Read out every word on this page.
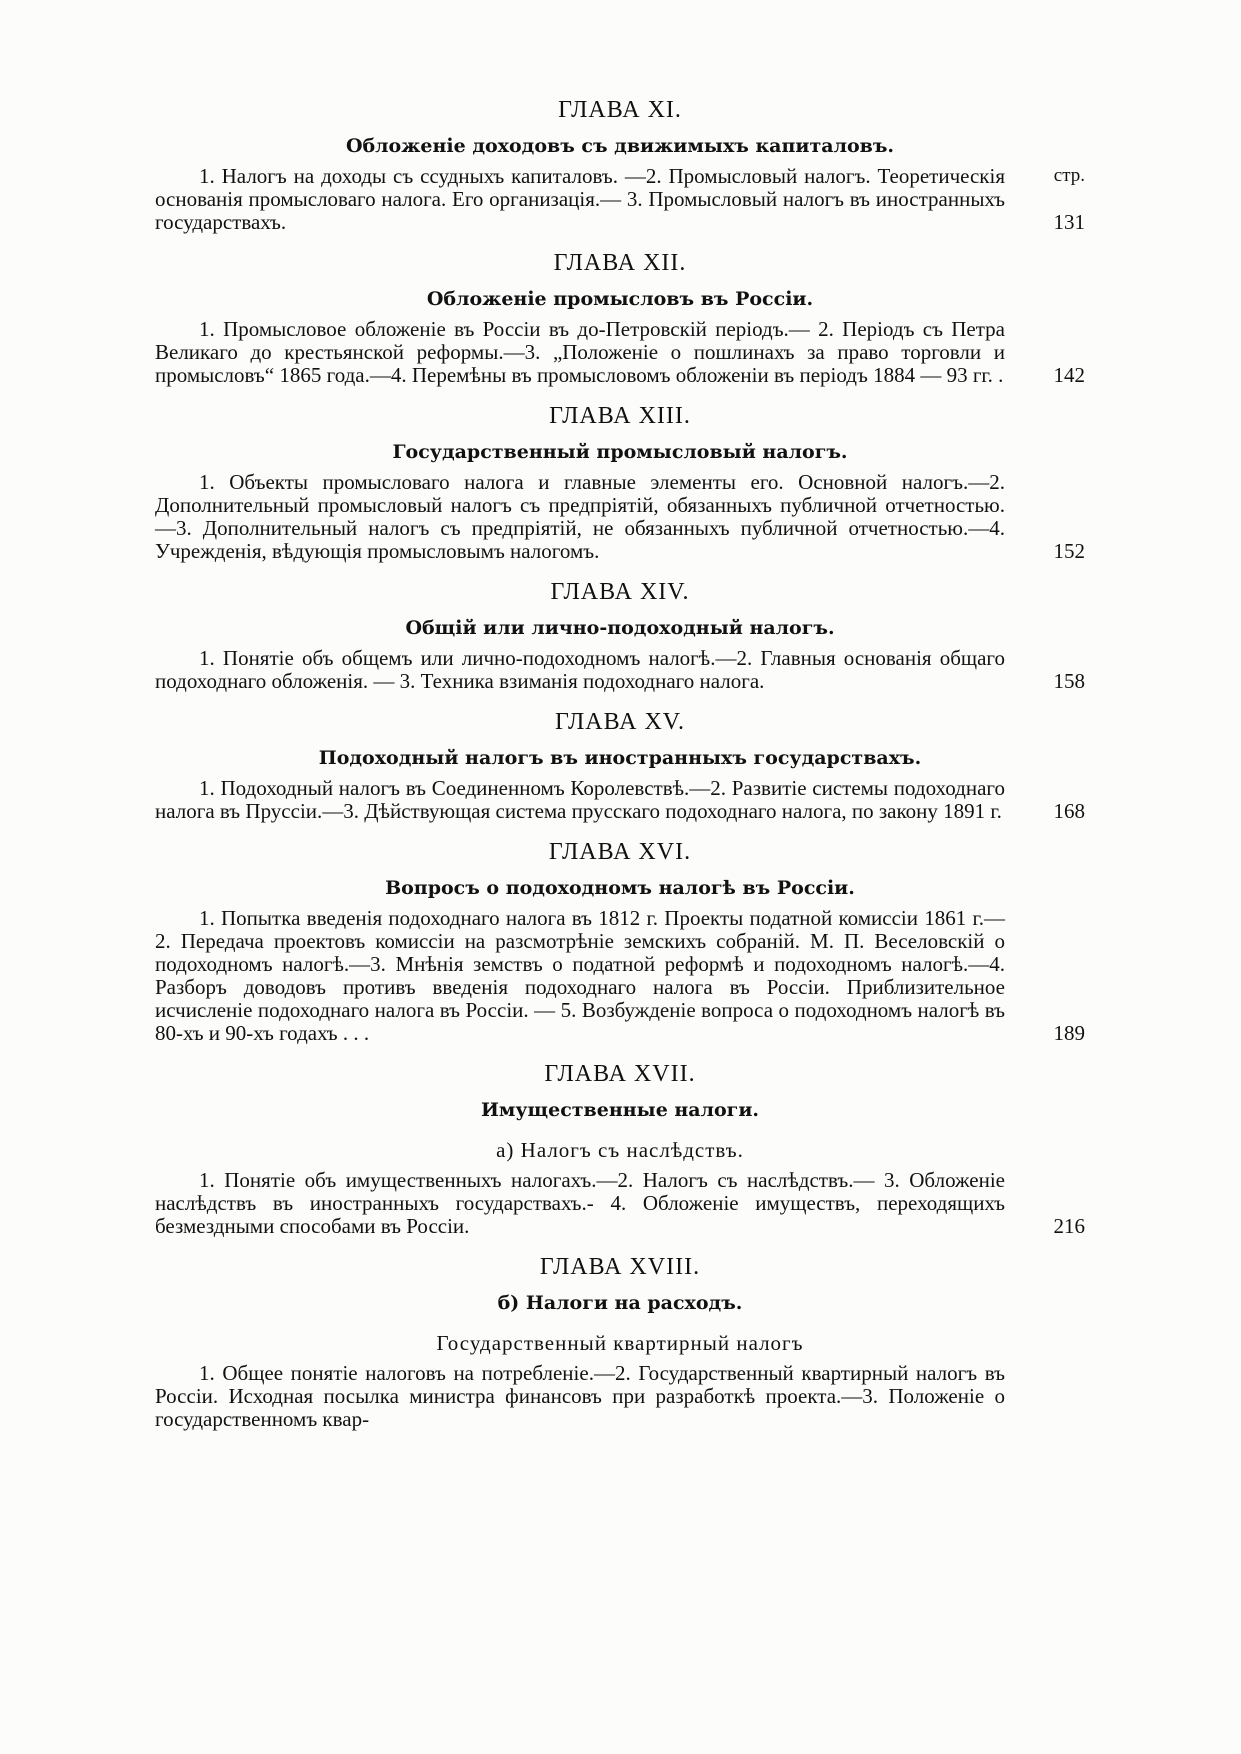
ГЛАВА XI.
Обложеніе доходовъ съ движимыхъ капиталовъ.
1. Налогъ на доходы съ ссудныхъ капиталовъ. —2. Промысловый налогъ. Теоретическія основанія промысловаго налога. Его организація.— 3. Промысловый налогъ въ иностранныхъ государствахъ.	131
стр.
ГЛАВА XII.
Обложеніе промысловъ въ Россіи.
1. Промысловое обложеніе въ Россіи въ до-Петровскій періодъ.— 2. Періодъ съ Петра Великаго до крестьянской реформы.—3. „Положеніе о пошлинахъ за право торговли и промысловъ“ 1865 года.—4. Перемѣны въ промысловомъ обложеніи въ періодъ 1884 — 93 гг. .	142
ГЛАВА XIII.
Государственный промысловый налогъ.
1. Объекты промысловаго налога и главные элементы его. Основной налогъ.—2. Дополнительный промысловый налогъ съ предпріятій, обязанныхъ публичной отчетностью.—3. Дополнительный налогъ съ предпріятій, не обязанныхъ публичной отчетностью.—4. Учрежденія, вѣдующія промысловымъ налогомъ.	152
ГЛАВА XIV.
Общій или лично-подоходный налогъ.
1. Понятіе объ общемъ или лично-подоходномъ налогѣ.—2. Главныя основанія общаго подоходнаго обложенія. — 3. Техника взиманія подоходнаго налога.	158
ГЛАВА XV.
Подоходный налогъ въ иностранныхъ государствахъ.
1. Подоходный налогъ въ Соединенномъ Королевствѣ.—2. Развитіе системы подоходнаго налога въ Пруссіи.—3. Дѣйствующая система прусскаго подоходнаго налога, по закону 1891 г.	168
ГЛАВА XVI.
Вопросъ о подоходномъ налогѣ въ Россіи.
1. Попытка введенія подоходнаго налога въ 1812 г. Проекты податной комиссіи 1861 г.—2. Передача проектовъ комиссіи на разсмотрѣніе земскихъ собраній. М. П. Веселовскій о подоходномъ налогѣ.—3. Мнѣнія земствъ о податной реформѣ и подоходномъ налогѣ.—4. Разборъ доводовъ противъ введенія подоходнаго налога въ Россіи. Приблизительное исчисленіе подоходнаго налога въ Россіи. — 5. Возбужденіе вопроса о подоходномъ налогѣ въ 80-хъ и 90-хъ годахъ . . .	189
ГЛАВА XVII.
Имущественные налоги.
а) Налогъ съ наслѣдствъ.
1. Понятіе объ имущественныхъ налогахъ.—2. Налогъ съ наслѣдствъ.— 3. Обложеніе наслѣдствъ въ иностранныхъ государствахъ.- 4. Обложеніе имуществъ, переходящихъ безмездными способами въ Россіи.	216
ГЛАВА XVIII.
б) Налоги на расходъ.
Государственный квартирный налогъ
1. Общее понятіе налоговъ на потребленіе.—2. Государственный квартирный налогъ въ Россіи. Исходная посылка министра финансовъ при разработкѣ проекта.—3. Положеніе о государственномъ квар-
